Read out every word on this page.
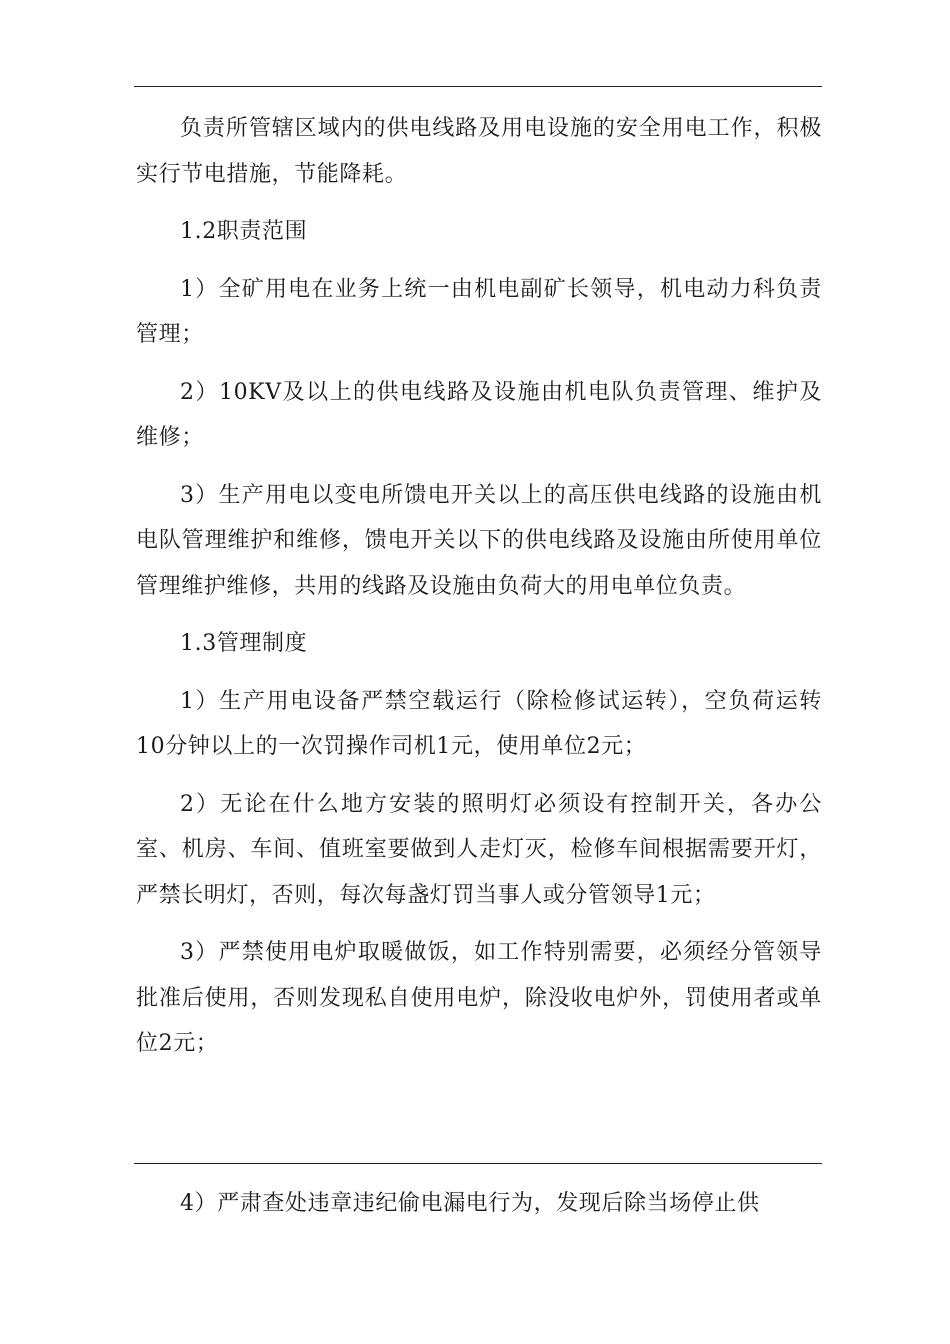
负责所管辖区域内的供电线路及用电设施的安全用电工作，积极实行节电措施，节能降耗。

1.2职责范围

1）全矿用电在业务上统一由机电副矿长领导，机电动力科负责管理；

2）10KV及以上的供电线路及设施由机电队负责管理、维护及维修；

3）生产用电以变电所馈电开关以上的高压供电线路的设施由机电队管理维护和维修，馈电开关以下的供电线路及设施由所使用单位管理维护维修，共用的线路及设施由负荷大的用电单位负责。

1.3管理制度

1）生产用电设备严禁空载运行（除检修试运转），空负荷运转10分钟以上的一次罚操作司机1元，使用单位2元；

2）无论在什么地方安装的照明灯必须设有控制开关，各办公室、机房、车间、值班室要做到人走灯灭，检修车间根据需要开灯，严禁长明灯，否则，每次每盏灯罚当事人或分管领导1元；

3）严禁使用电炉取暖做饭，如工作特别需要，必须经分管领导批准后使用，否则发现私自使用电炉，除没收电炉外，罚使用者或单位2元；

4）严肃查处违章违纪偷电漏电行为，发现后除当场停止供
